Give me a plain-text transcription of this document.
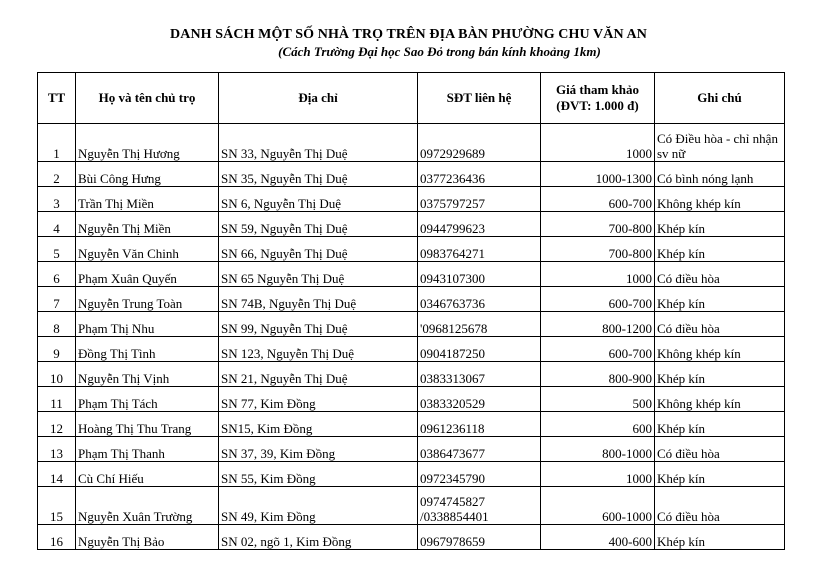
DANH SÁCH MỘT SỐ NHÀ TRỌ TRÊN ĐỊA BÀN PHƯỜNG CHU VĂN AN
(Cách Trường Đại học Sao Đỏ trong bán kính khoảng 1km)
TT	Họ và tên chủ trọ	Địa chỉ	SĐT liên hệ	Giá tham khảo (ĐVT: 1.000 đ)	Ghi chú
1	Nguyễn Thị Hương	SN 33, Nguyễn Thị Duệ	0972929689	1000	Có Điều hòa - chỉ nhận sv nữ
2	Bùi Công Hưng	SN 35, Nguyễn Thị Duệ	0377236436	1000-1300	Có bình nóng lạnh
3	Trần Thị Miền	SN 6, Nguyễn Thị Duệ	0375797257	600-700	Không khép kín
4	Nguyễn Thị Miền	SN 59, Nguyễn Thị Duệ	0944799623	700-800	Khép kín
5	Nguyễn Văn Chinh	SN 66, Nguyễn Thị Duệ	0983764271	700-800	Khép kín
6	Phạm Xuân Quyến	SN 65 Nguyễn Thị Duệ	0943107300	1000	Có điều hòa
7	Nguyễn Trung Toàn	SN 74B, Nguyễn Thị Duệ	0346763736	600-700	Khép kín
8	Phạm Thị Nhu	SN 99, Nguyễn Thị Duệ	'0968125678	800-1200	Có điều hòa
9	Đồng Thị Tình	SN 123, Nguyễn Thị Duệ	0904187250	600-700	Không khép kín
10	Nguyễn Thị Vịnh	SN 21, Nguyễn Thị Duệ	0383313067	800-900	Khép kín
11	Phạm Thị Tách	SN 77, Kim Đồng	0383320529	500	Không khép kín
12	Hoàng Thị Thu Trang	SN15, Kim Đồng	0961236118	600	Khép kín
13	Phạm Thị Thanh	SN 37, 39, Kim Đồng	0386473677	800-1000	Có điều hòa
14	Cù Chí Hiếu	SN 55, Kim Đồng	0972345790	1000	Khép kín
15	Nguyễn Xuân Trường	SN 49, Kim Đồng	0974745827 /0338854401	600-1000	Có điều hòa
16	Nguyễn Thị Bảo	SN 02, ngõ 1, Kim Đồng	0967978659	400-600	Khép kín
